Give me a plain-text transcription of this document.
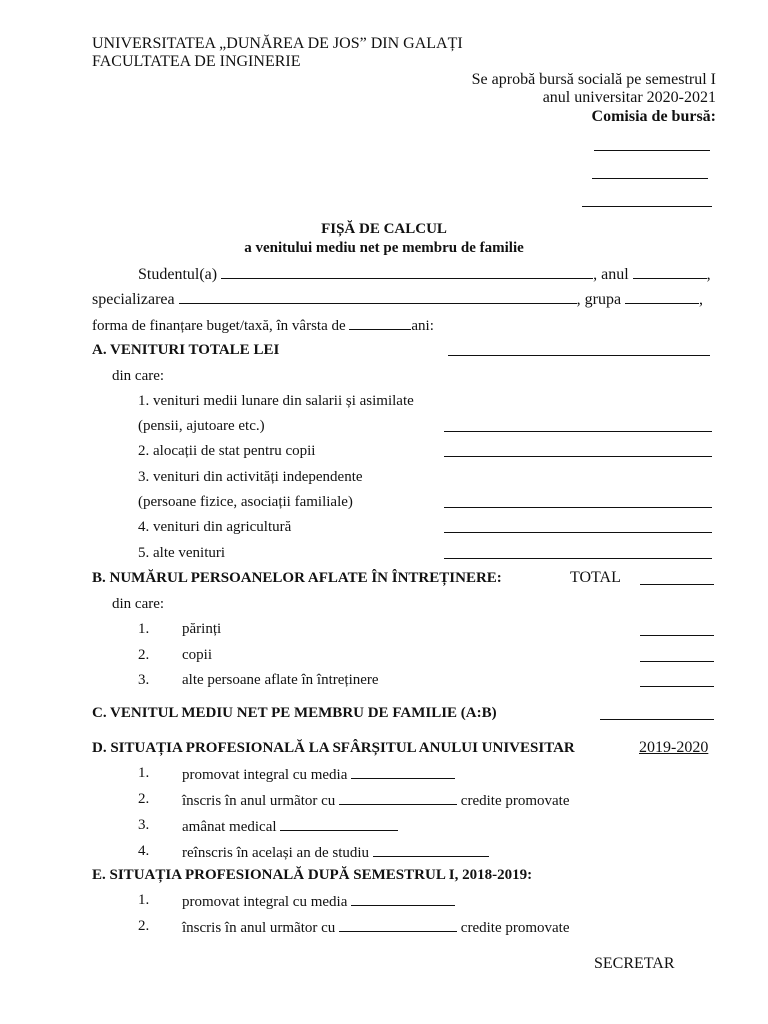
UNIVERSITATEA „DUNĂREA DE JOS” DIN GALAȚI
FACULTATEA DE INGINERIE
Se aprobă bursă socială pe semestrul I
anul universitar 2020-2021
Comisia de bursă:
FIȘĂ DE CALCUL
a venitului mediu net pe membru de familie
Studentul(a)	, anul	,
specializarea	, grupa	,
forma de finanțare buget/taxă, în vârsta de	ani:
A. VENITURI TOTALE LEI
din care:
1. venituri medii lunare din salarii și asimilate
(pensii, ajutoare etc.)
2. alocații de stat pentru copii
3. venituri din activități independente
(persoane fizice, asociații familiale)
4. venituri din agricultură
5. alte venituri
B. NUMĂRUL PERSOANELOR AFLATE ÎN ÎNTREȚINERE:	TOTAL
din care:
1. părinți
2. copii
3. alte persoane aflate în întreținere
C. VENITUL MEDIU NET PE MEMBRU DE FAMILIE (A:B)
D. SITUAȚIA PROFESIONALĂ LA SFÂRȘITUL ANULUI UNIVESITAR	2019-2020
1. promovat integral cu media
2. înscris în anul urmãtor cu	credite promovate
3. amânat medical
4. reînscris în același an de studiu
E. SITUAȚIA PROFESIONALĂ DUPĂ SEMESTRUL I, 2018-2019:
1. promovat integral cu media
2. înscris în anul urmãtor cu	credite promovate
SECRETAR
